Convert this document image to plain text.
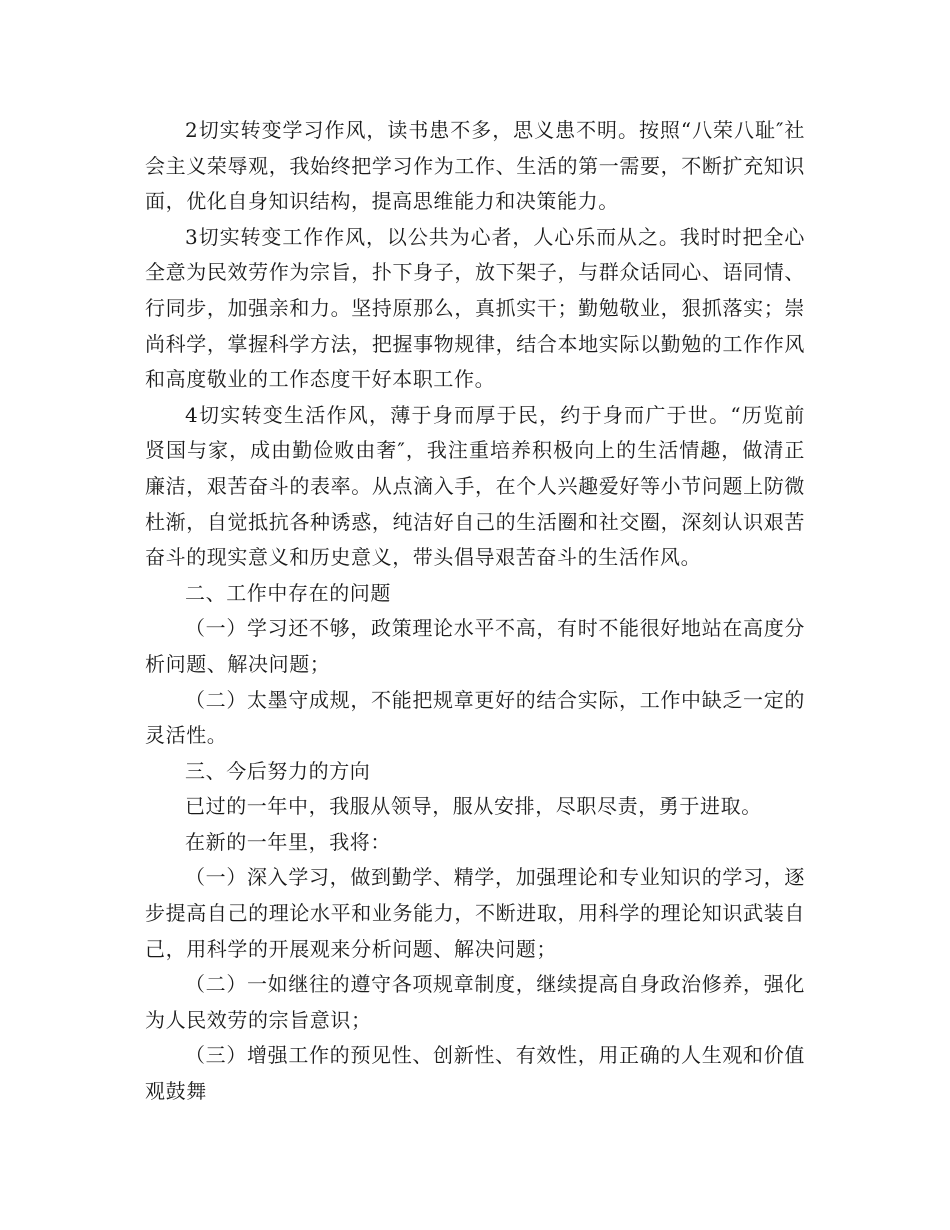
2切实转变学习作风，读书患不多，思义患不明。按照“八荣八耻″社会主义荣辱观，我始终把学习作为工作、生活的第一需要，不断扩充知识面，优化自身知识结构，提高思维能力和决策能力。

3切实转变工作作风，以公共为心者，人心乐而从之。我时时把全心全意为民效劳作为宗旨，扑下身子，放下架子，与群众话同心、语同情、行同步，加强亲和力。坚持原那么，真抓实干；勤勉敬业，狠抓落实；崇尚科学，掌握科学方法，把握事物规律，结合本地实际以勤勉的工作作风和高度敬业的工作态度干好本职工作。

4切实转变生活作风，薄于身而厚于民，约于身而广于世。“历览前贤国与家，成由勤俭败由奢″，我注重培养积极向上的生活情趣，做清正廉洁，艰苦奋斗的表率。从点滴入手，在个人兴趣爱好等小节问题上防微杜渐，自觉抵抗各种诱惑，纯洁好自己的生活圈和社交圈，深刻认识艰苦奋斗的现实意义和历史意义，带头倡导艰苦奋斗的生活作风。

二、工作中存在的问题

（一）学习还不够，政策理论水平不高，有时不能很好地站在高度分析问题、解决问题；

（二）太墨守成规，不能把规章更好的结合实际，工作中缺乏一定的灵活性。

三、今后努力的方向

已过的一年中，我服从领导，服从安排，尽职尽责，勇于进取。

在新的一年里，我将：

（一）深入学习，做到勤学、精学，加强理论和专业知识的学习，逐步提高自己的理论水平和业务能力，不断进取，用科学的理论知识武装自己，用科学的开展观来分析问题、解决问题；

（二）一如继往的遵守各项规章制度，继续提高自身政治修养，强化为人民效劳的宗旨意识；

（三）增强工作的预见性、创新性、有效性，用正确的人生观和价值观鼓舞
